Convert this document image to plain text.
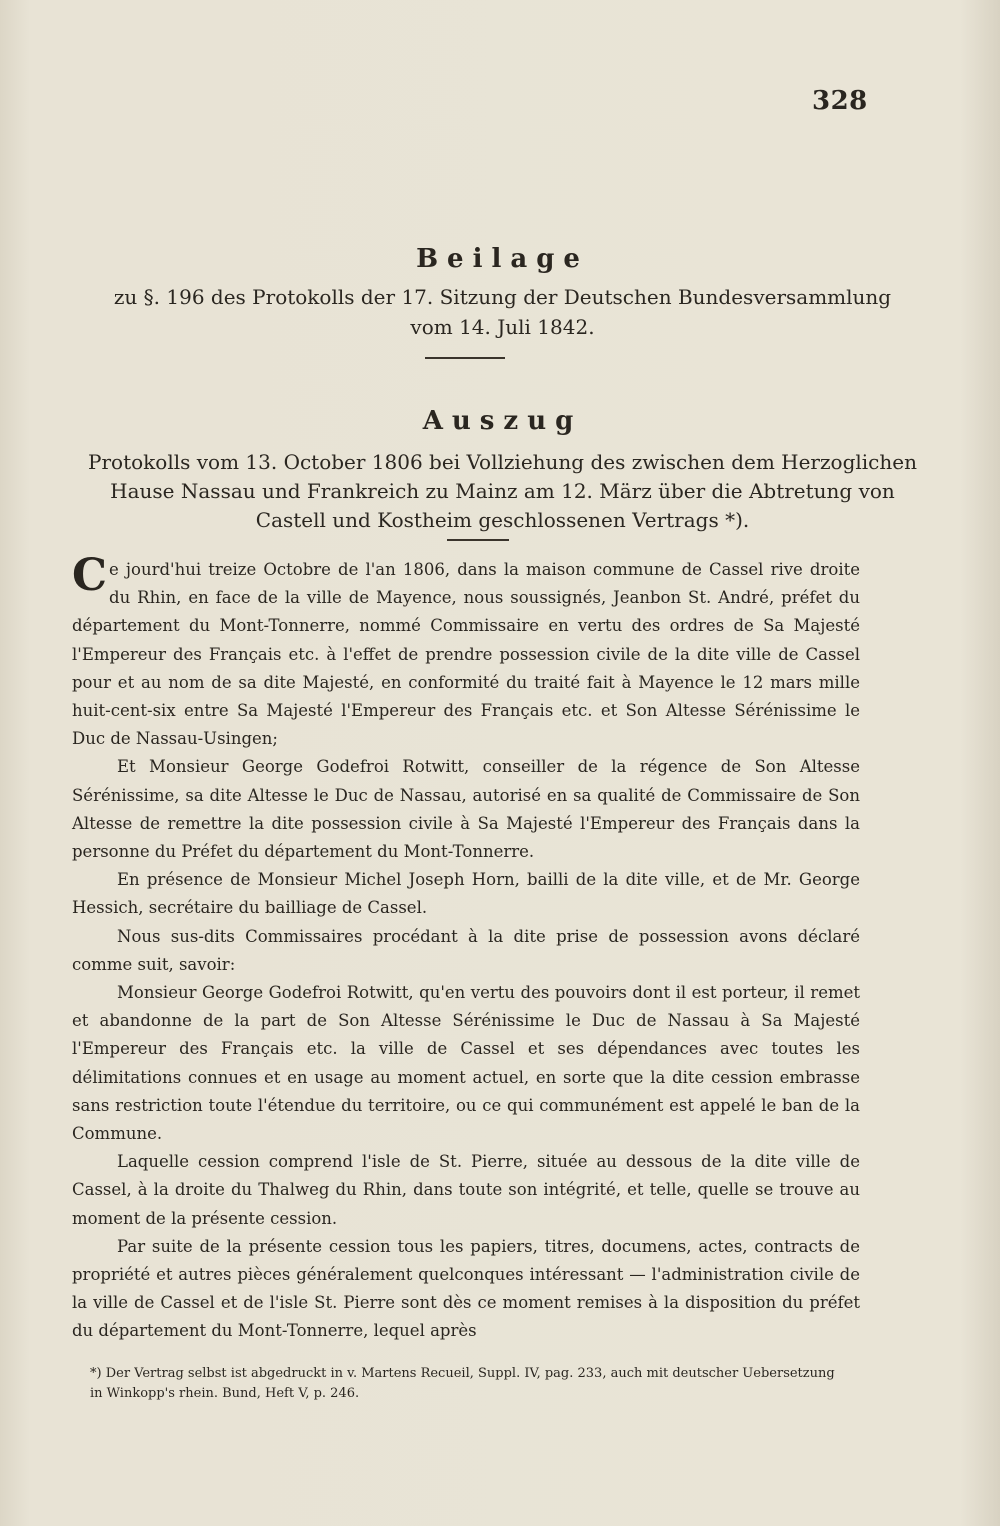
328
Beilage
zu §. 196 des Protokolls der 17. Sitzung der Deutschen Bundesversammlung
vom 14. Juli 1842.
Auszug
Protokolls vom 13. October 1806 bei Vollziehung des zwischen dem Herzoglichen
Hause Nassau und Frankreich zu Mainz am 12. März über die Abtretung von
Castell und Kostheim geschlossenen Vertrags *).

Ce jourd'hui treize Octobre de l'an 1806, dans la maison commune de Cassel rive droite du Rhin, en face de la ville de Mayence, nous soussignés, Jeanbon St. André, préfet du département du Mont-Tonnerre, nommé Commissaire en vertu des ordres de Sa Majesté l'Empereur des Français etc. à l'effet de prendre possession civile de la dite ville de Cassel pour et au nom de sa dite Majesté, en conformité du traité fait à Mayence le 12 mars mille huit-cent-six entre Sa Majesté l'Empereur des Français etc. et Son Altesse Sérénissime le Duc de Nassau-Usingen;

Et Monsieur George Godefroi Rotwitt, conseiller de la régence de Son Altesse Sérénissime, sa dite Altesse le Duc de Nassau, autorisé en sa qualité de Commissaire de Son Altesse de remettre la dite possession civile à Sa Majesté l'Empereur des Français dans la personne du Préfet du département du Mont-Tonnerre.

En présence de Monsieur Michel Joseph Horn, bailli de la dite ville, et de Mr. George Hessich, secrétaire du bailliage de Cassel.

Nous sus-dits Commissaires procédant à la dite prise de possession avons déclaré comme suit, savoir:

Monsieur George Godefroi Rotwitt, qu'en vertu des pouvoirs dont il est porteur, il remet et abandonne de la part de Son Altesse Sérénissime le Duc de Nassau à Sa Majesté l'Empereur des Français etc. la ville de Cassel et ses dépendances avec toutes les délimitations connues et en usage au moment actuel, en sorte que la dite cession embrasse sans restriction toute l'étendue du territoire, ou ce qui communément est appelé le ban de la Commune.

Laquelle cession comprend l'isle de St. Pierre, située au dessous de la dite ville de Cassel, à la droite du Thalweg du Rhin, dans toute son intégrité, et telle, quelle se trouve au moment de la présente cession.

Par suite de la présente cession tous les papiers, titres, documens, actes, contracts de propriété et autres pièces généralement quelconques intéressant — l'administration civile de la ville de Cassel et de l'isle St. Pierre sont dès ce moment remises à la disposition du préfet du département du Mont-Tonnerre, lequel après

*) Der Vertrag selbst ist abgedruckt in v. Martens Recueil, Suppl. IV, pag. 233, auch mit deutscher Uebersetzung
in Winkopp's rhein. Bund, Heft V, p. 246.
